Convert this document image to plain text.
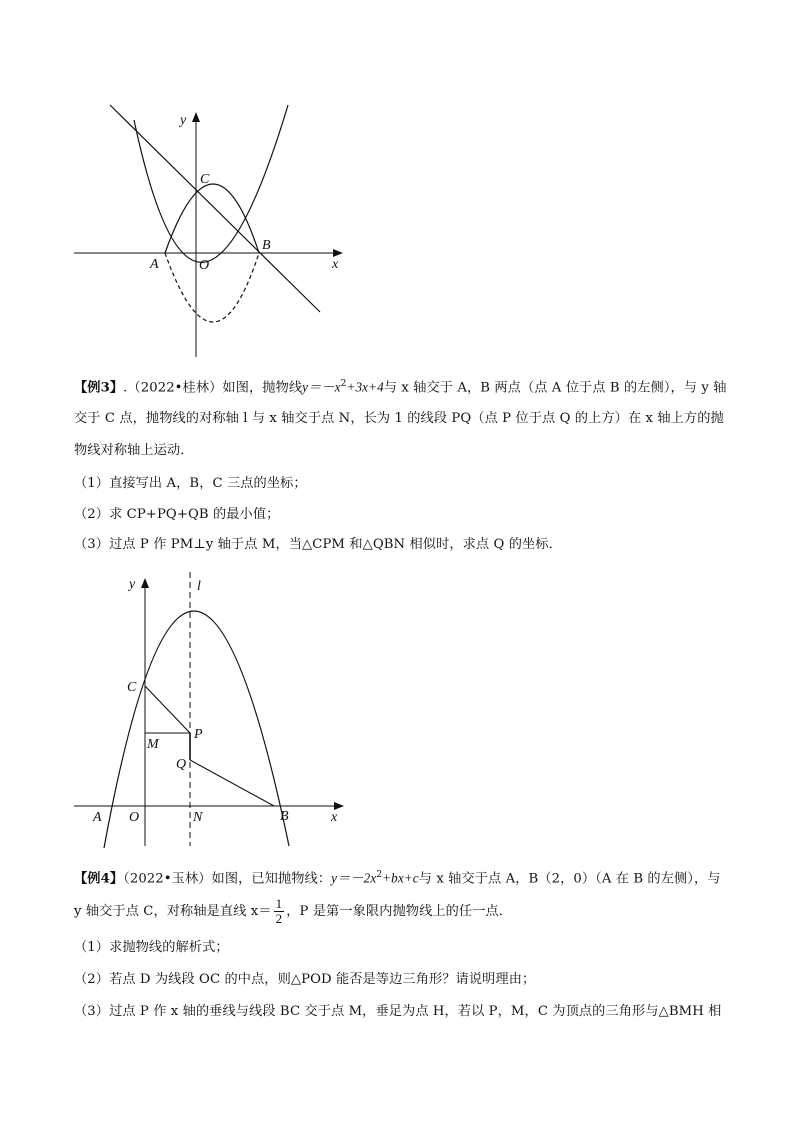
y
x
C
B
A	O
【例3】.（2022•桂林）如图，抛物线$y=-x^2+3x+4$与 x 轴交于 A，B 两点（点 A 位于点 B 的左侧），与 y 轴
交于 C 点，抛物线的对称轴 l 与 x 轴交于点 N，长为 1 的线段 PQ（点 P 位于点 Q 的上方）在 x 轴上方的抛
物线对称轴上运动．
（1）直接写出 A，B，C 三点的坐标；
（2）求 CP+PQ+QB 的最小值；
（3）过点 P 作 PM⊥y 轴于点 M，当△CPM 和△QBN 相似时，求点 Q 的坐标．
y	l
C
P
M
Q
A O	N	B	x
【例4】（2022•玉林）如图，已知抛物线：$y=-2x^2+bx+c$与 x 轴交于点 A，B（2，0）（A 在 B 的左侧），与
y 轴交于点 C，对称轴是直线 $x= \frac{1}{2}$ ，P 是第一象限内抛物线上的任一点．
（1）求抛物线的解析式；
（2）若点 D 为线段 OC 的中点，则△POD 能否是等边三角形？请说明理由；
（3）过点 P 作 x 轴的垂线与线段 BC 交于点 M，垂足为点 H，若以 P，M，C 为顶点的三角形与△BMH 相
